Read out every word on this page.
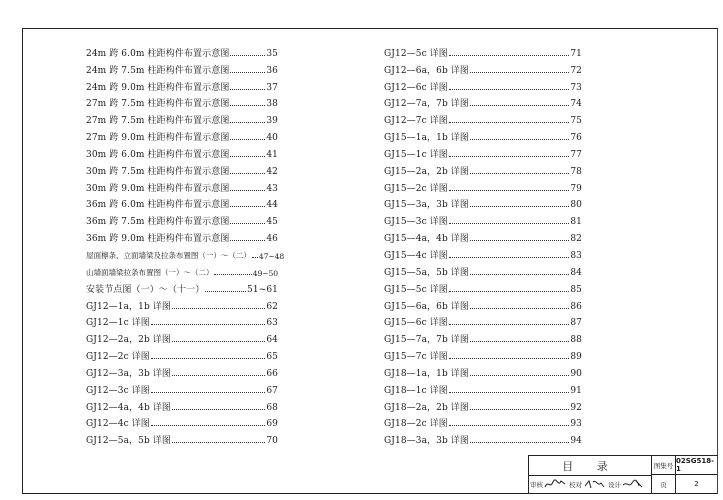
24m 跨 6.0m 柱距构件布置示意图	35
24m 跨 7.5m 柱距构件布置示意图	36
24m 跨 9.0m 柱距构件布置示意图	37
27m 跨 7.5m 柱距构件布置示意图	38
27m 跨 7.5m 柱距构件布置示意图	39
27m 跨 9.0m 柱距构件布置示意图	40
30m 跨 6.0m 柱距构件布置示意图	41
30m 跨 7.5m 柱距构件布置示意图	42
30m 跨 9.0m 柱距构件布置示意图	43
36m 跨 6.0m 柱距构件布置示意图	44
36m 跨 7.5m 柱距构件布置示意图	45
36m 跨 9.0m 柱距构件布置示意图	46
屋面檩条、立面墙梁及拉条布置图（一）～（二） 47~48
山墙面墙梁拉条布置图（一）～（二）	49~50
安装节点图（一）～（十一）	51~61
GJ12—1a，1b 详图	62
GJ12—1c 详图	63
GJ12—2a，2b 详图	64
GJ12—2c 详图	65
GJ12—3a，3b 详图	66
GJ12—3c 详图	67
GJ12—4a，4b 详图	68
GJ12—4c 详图	69
GJ12—5a，5b 详图	70
GJ12—5c 详图	71
GJ12—6a，6b 详图	72
GJ12—6c 详图	73
GJ12—7a，7b 详图	74
GJ12—7c 详图	75
GJ15—1a，1b 详图	76
GJ15—1c 详图	77
GJ15—2a，2b 详图	78
GJ15—2c 详图	79
GJ15—3a，3b 详图	80
GJ15—3c 详图	81
GJ15—4a，4b 详图	82
GJ15—4c 详图	83
GJ15—5a，5b 详图	84
GJ15—5c 详图	85
GJ15—6a，6b 详图	86
GJ15—6c 详图	87
GJ15—7a，7b 详图	88
GJ15—7c 详图	89
GJ18—1a，1b 详图	90
GJ18—1c 详图	91
GJ18—2a，2b 详图	92
GJ18—2c 详图	93
GJ18—3a，3b 详图	94
目 录
审核	校对	设计
图集号
02SG518-1
页	2
